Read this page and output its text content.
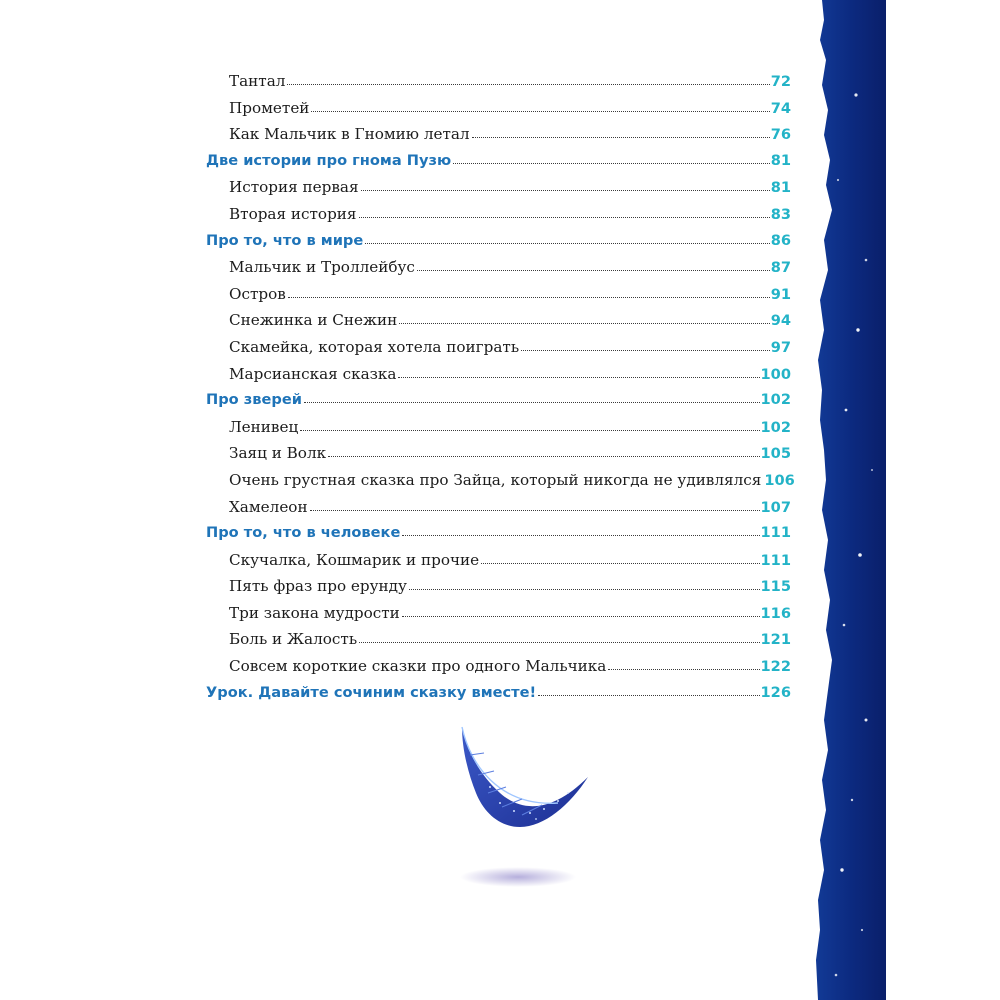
Тантал	72
Прометей	74
Как Мальчик в Гномию летал	76
Две истории про гнома Пузю	81
История первая	81
Вторая история	83
Про то, что в мире	86
Мальчик и Троллейбус	87
Остров	91
Снежинка и Снежин	94
Скамейка, которая хотела поиграть	97
Марсианская сказка	100
Про зверей	102
Ленивец	102
Заяц и Волк	105
Очень грустная сказка про Зайца, который никогда не удивлялся 106
Хамелеон	107
Про то, что в человеке	111
Скучалка, Кошмарик и прочие	111
Пять фраз про ерунду	115
Три закона мудрости	116
Боль и Жалость	121
Совсем короткие сказки про одного Мальчика	122
Урок. Давайте сочиним сказку вместе!	126
